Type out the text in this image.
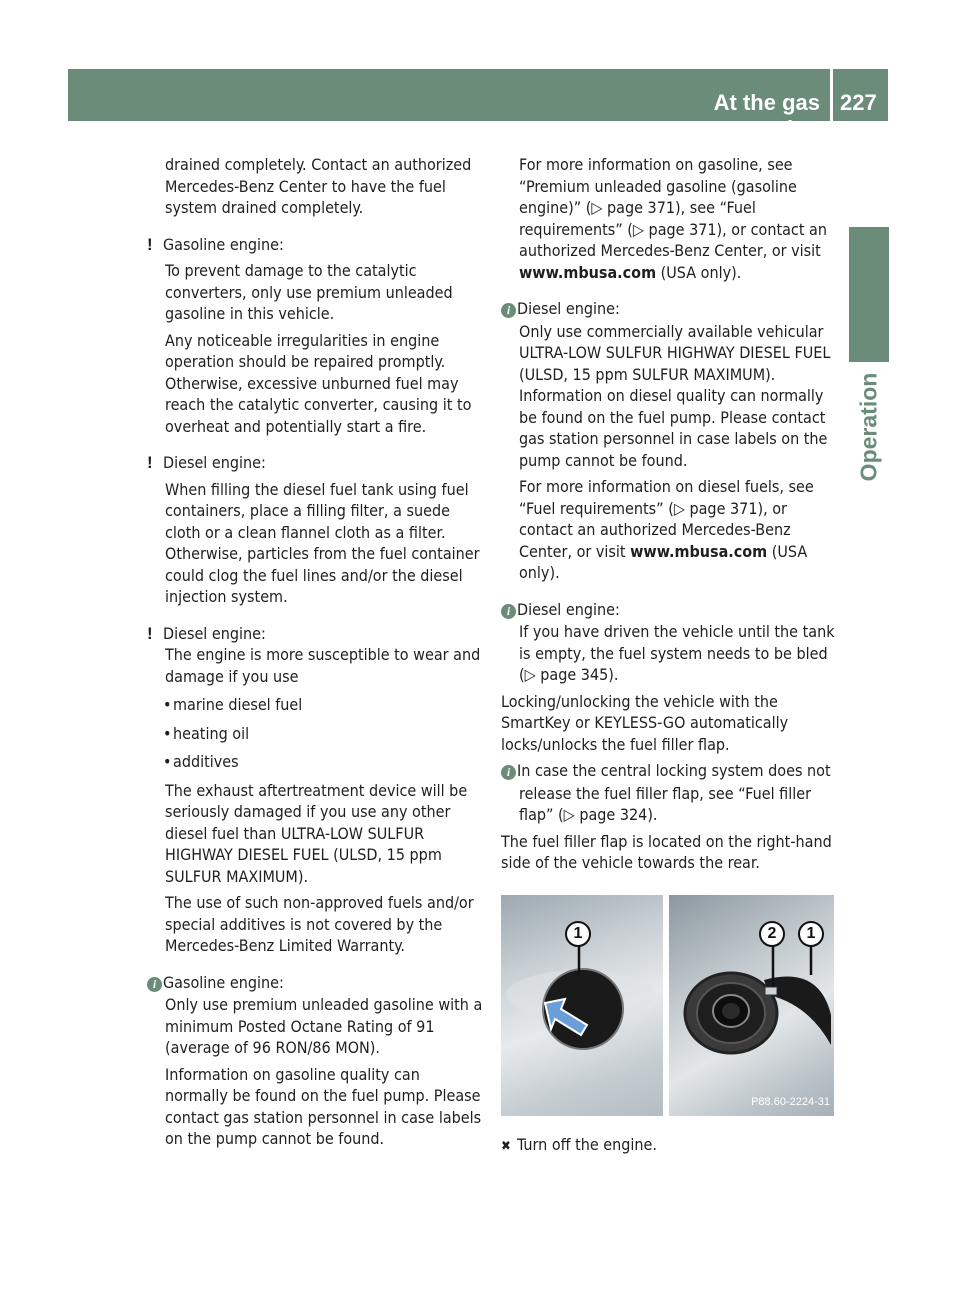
At the gas station
227
Operation

drained completely. Contact an authorized Mercedes-Benz Center to have the fuel system drained completely.

! Gasoline engine:

To prevent damage to the catalytic converters, only use premium unleaded gasoline in this vehicle.

Any noticeable irregularities in engine operation should be repaired promptly. Otherwise, excessive unburned fuel may reach the catalytic converter, causing it to overheat and potentially start a fire.

! Diesel engine:

When filling the diesel fuel tank using fuel containers, place a filling filter, a suede cloth or a clean flannel cloth as a filter. Otherwise, particles from the fuel container could clog the fuel lines and/or the diesel injection system.

! Diesel engine:

The engine is more susceptible to wear and damage if you use

•marine diesel fuel

•heating oil

•additives

The exhaust aftertreatment device will be seriously damaged if you use any other diesel fuel than ULTRA-LOW SULFUR HIGHWAY DIESEL FUEL (ULSD, 15 ppm SULFUR MAXIMUM).

The use of such non-approved fuels and/or special additives is not covered by the Mercedes-Benz Limited Warranty.

i Gasoline engine:

Only use premium unleaded gasoline with a minimum Posted Octane Rating of 91 (average of 96 RON/86 MON).

Information on gasoline quality can normally be found on the fuel pump. Please contact gas station personnel in case labels on the pump cannot be found.

For more information on gasoline, see “Premium unleaded gasoline (gasoline engine)” (▷ page 371), see “Fuel requirements” (▷ page 371), or contact an authorized Mercedes-Benz Center, or visit www.mbusa.com (USA only).

i Diesel engine:

Only use commercially available vehicular ULTRA-LOW SULFUR HIGHWAY DIESEL FUEL (ULSD, 15 ppm SULFUR MAXIMUM). Information on diesel quality can normally be found on the fuel pump. Please contact gas station personnel in case labels on the pump cannot be found.

For more information on diesel fuels, see “Fuel requirements” (▷ page 371), or contact an authorized Mercedes-Benz Center, or visit www.mbusa.com (USA only).

i Diesel engine:

If you have driven the vehicle until the tank is empty, the fuel system needs to be bled (▷ page 345).

Locking/unlocking the vehicle with the SmartKey or KEYLESS-GO automatically locks/unlocks the fuel filler flap.

i In case the central locking system does not release the fuel filler flap, see “Fuel filler flap” (▷ page 324).

The fuel filler flap is located on the right-hand side of the vehicle towards the rear.

1	2	1
P88.60-2224-31

✖ Turn off the engine.
